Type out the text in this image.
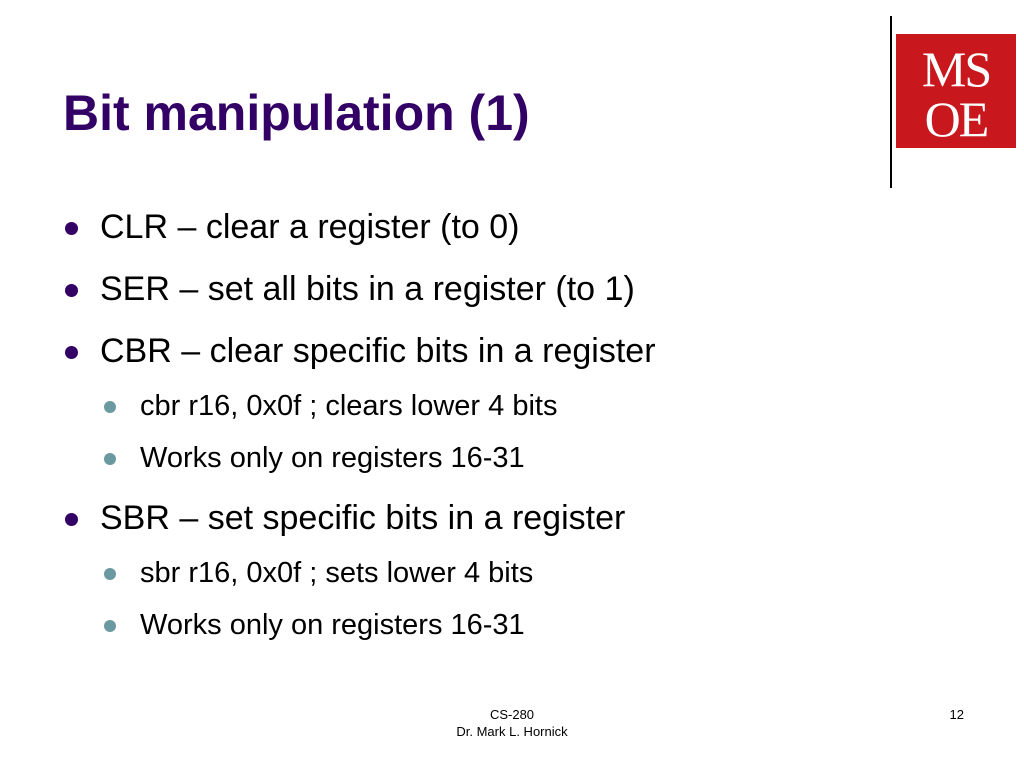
Bit manipulation (1)
MS
OE
CLR – clear a register (to 0)
SER – set all bits in a register (to 1)
CBR – clear specific bits in a register
cbr r16, 0x0f ; clears lower 4 bits
Works only on registers 16-31
SBR – set specific bits in a register
sbr r16, 0x0f ; sets lower 4 bits
Works only on registers 16-31
CS-280
Dr. Mark L. Hornick
12
